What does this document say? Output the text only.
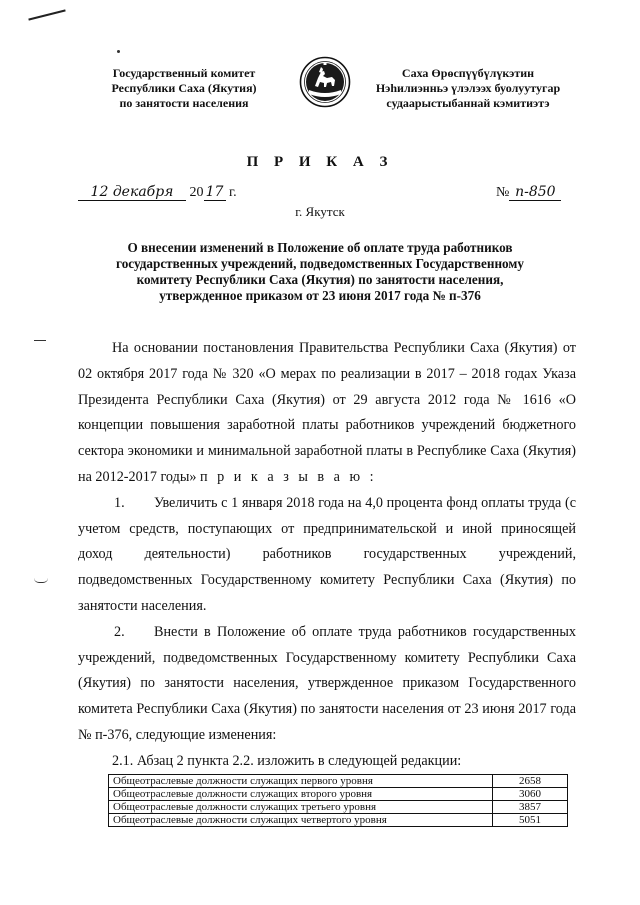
Государственный комитет
Республики Саха (Якутия)
по занятости населения
Саха Өрөспүүбүлүкэтин
Нэһилиэнньэ үлэлээх буолуутугар
судаарыстыбаннай кэмитиэтэ
П Р И К А З
12 декабря 20 17 г.	№ п-850
г. Якутск
О внесении изменений в Положение об оплате труда работников
государственных учреждений, подведомственных Государственному
комитету Республики Саха (Якутия) по занятости населения,
утвержденное приказом от 23 июня 2017 года № п-376

На основании постановления Правительства Республики Саха (Якутия) от 02 октября 2017 года № 320 «О мерах по реализации в 2017 – 2018 годах Указа Президента Республики Саха (Якутия) от 29 августа 2012 года № 1616 «О концепции повышения заработной платы работников учреждений бюджетного сектора экономики и минимальной заработной платы в Республике Саха (Якутия) на 2012-2017 годы» п р и к а з ы в а ю :

1. Увеличить с 1 января 2018 года на 4,0 процента фонд оплаты труда (с учетом средств, поступающих от предпринимательской и иной приносящей доход деятельности) работников государственных учреждений, подведомственных Государственному комитету Республики Саха (Якутия) по занятости населения.

2. Внести в Положение об оплате труда работников государственных учреждений, подведомственных Государственному комитету Республики Саха (Якутия) по занятости населения, утвержденное приказом Государственного комитета Республики Саха (Якутия) по занятости населения от 23 июня 2017 года № п-376, следующие изменения:

2.1. Абзац 2 пункта 2.2. изложить в следующей редакции:

Общеотраслевые должности служащих первого уровня	2658
Общеотраслевые должности служащих второго уровня	3060
Общеотраслевые должности служащих третьего уровня	3857
Общеотраслевые должности служащих четвертого уровня	5051
